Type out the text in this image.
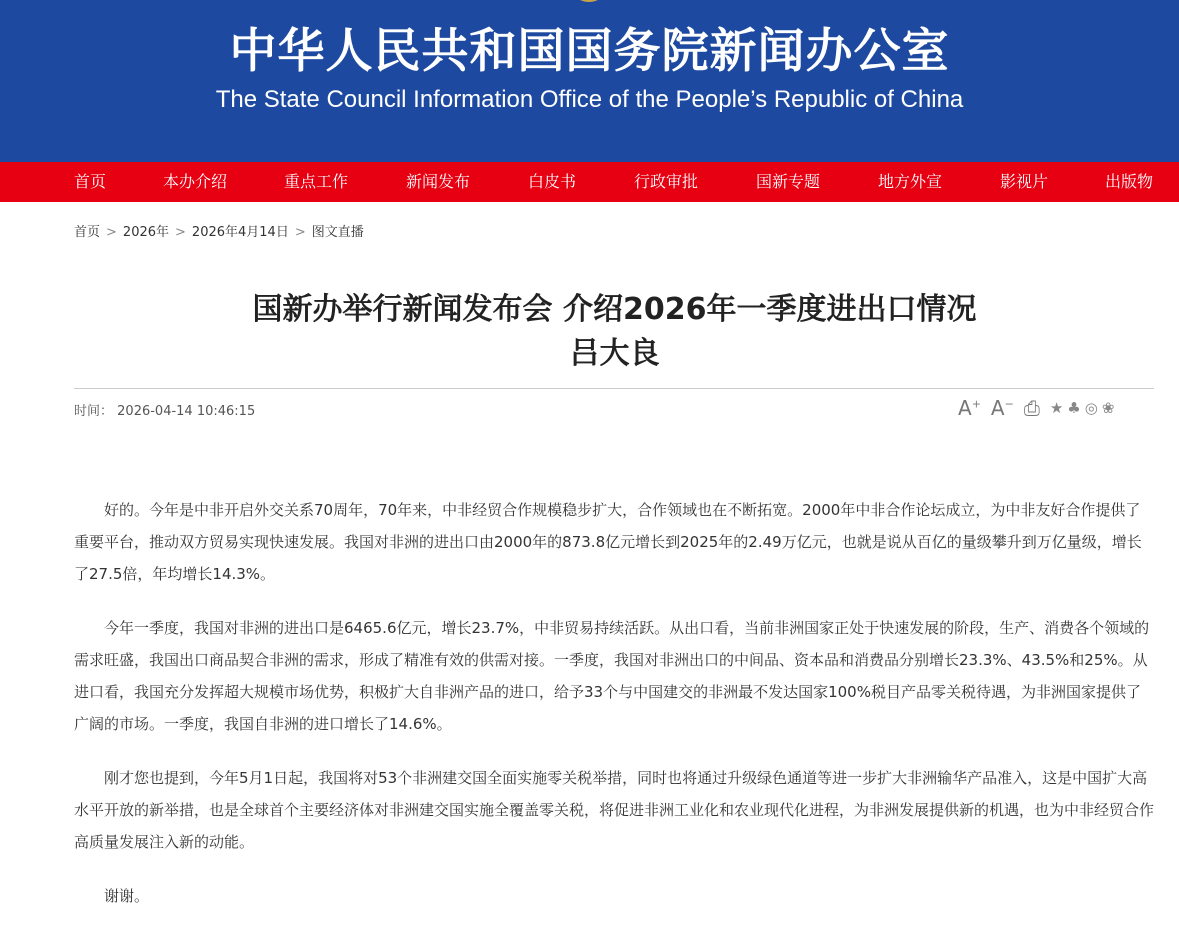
中华人民共和国国务院新闻办公室
The State Council Information Office of the People’s Republic of China
首页	本办介绍	重点工作	新闻发布	白皮书	行政审批	国新专题	地方外宣	影视片	出版物
首页 > 2026年 > 2026年4月14日 > 图文直播
国新办举行新闻发布会 介绍2026年一季度进出口情况
吕大良
时间： 2026-04-14 10:46:15	A+ A− ⎙ ★ ♣ ◎ ❀

好的。今年是中非开启外交关系70周年，70年来，中非经贸合作规模稳步扩大，合作领域也在不断拓宽。2000年中非合作论坛成立，为中非友好合作提供了重要平台，推动双方贸易实现快速发展。我国对非洲的进出口由2000年的873.8亿元增长到2025年的2.49万亿元，也就是说从百亿的量级攀升到万亿量级，增长了27.5倍，年均增长14.3%。

今年一季度，我国对非洲的进出口是6465.6亿元，增长23.7%，中非贸易持续活跃。从出口看，当前非洲国家正处于快速发展的阶段，生产、消费各个领域的需求旺盛，我国出口商品契合非洲的需求，形成了精准有效的供需对接。一季度，我国对非洲出口的中间品、资本品和消费品分别增长23.3%、43.5%和25%。从进口看，我国充分发挥超大规模市场优势，积极扩大自非洲产品的进口，给予33个与中国建交的非洲最不发达国家100%税目产品零关税待遇，为非洲国家提供了广阔的市场。一季度，我国自非洲的进口增长了14.6%。

刚才您也提到，今年5月1日起，我国将对53个非洲建交国全面实施零关税举措，同时也将通过升级绿色通道等进一步扩大非洲输华产品准入，这是中国扩大高水平开放的新举措，也是全球首个主要经济体对非洲建交国实施全覆盖零关税，将促进非洲工业化和农业现代化进程，为非洲发展提供新的机遇，也为中非经贸合作高质量发展注入新的动能。

谢谢。
